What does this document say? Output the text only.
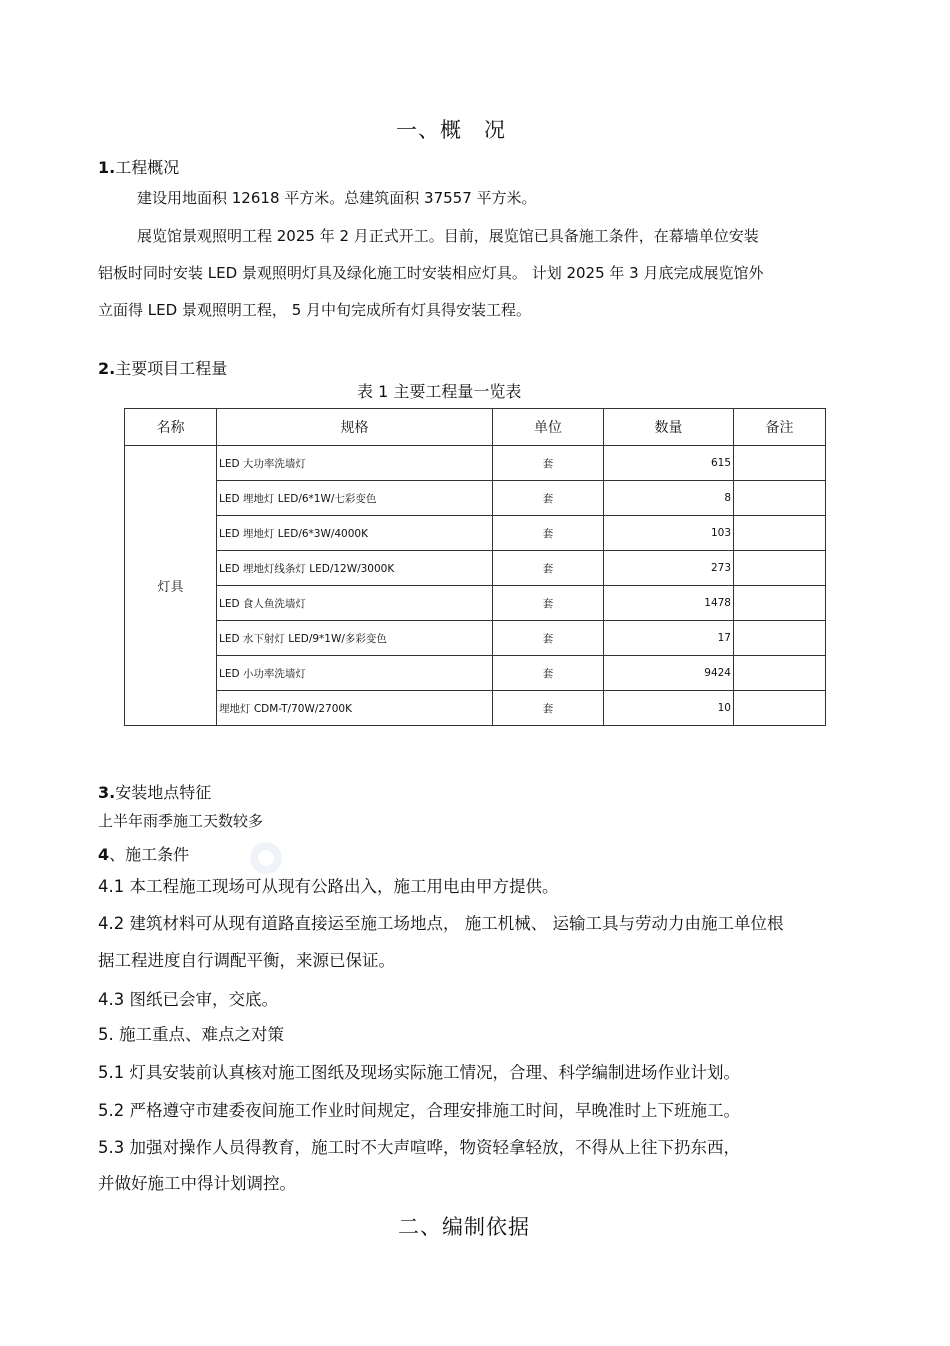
一、概　况
1.工程概况
建设用地面积 12618 平方米。总建筑面积 37557 平方米。
展览馆景观照明工程 2025 年 2 月正式开工。目前，展览馆已具备施工条件，在幕墙单位安装
铝板时同时安装 LED 景观照明灯具及绿化施工时安装相应灯具。 计划 2025 年 3 月底完成展览馆外
立面得 LED 景观照明工程， 5 月中旬完成所有灯具得安装工程。
2.主要项目工程量
表 1 主要工程量一览表
名称	规格	单位	数量	备注
灯具	LED 大功率洗墙灯	套	615	
	LED 埋地灯 LED/6*1W/七彩变色	套	8	
	LED 埋地灯 LED/6*3W/4000K	套	103	
	LED 埋地灯线条灯 LED/12W/3000K	套	273	
	LED 食人鱼洗墙灯	套	1478	
	LED 水下射灯 LED/9*1W/多彩变色	套	17	
	LED 小功率洗墙灯	套	9424	
	埋地灯 CDM-T/70W/2700K	套	10	
3.安装地点特征
上半年雨季施工天数较多
4、施工条件
4.1 本工程施工现场可从现有公路出入，施工用电由甲方提供。
4.2 建筑材料可从现有道路直接运至施工场地点， 施工机械、 运输工具与劳动力由施工单位根
据工程进度自行调配平衡，来源已保证。
4.3 图纸已会审，交底。
5. 施工重点、难点之对策
5.1 灯具安装前认真核对施工图纸及现场实际施工情况，合理、科学编制进场作业计划。
5.2 严格遵守市建委夜间施工作业时间规定，合理安排施工时间，早晚准时上下班施工。
5.3 加强对操作人员得教育，施工时不大声喧哗，物资轻拿轻放，不得从上往下扔东西，
并做好施工中得计划调控。
二、编制依据
